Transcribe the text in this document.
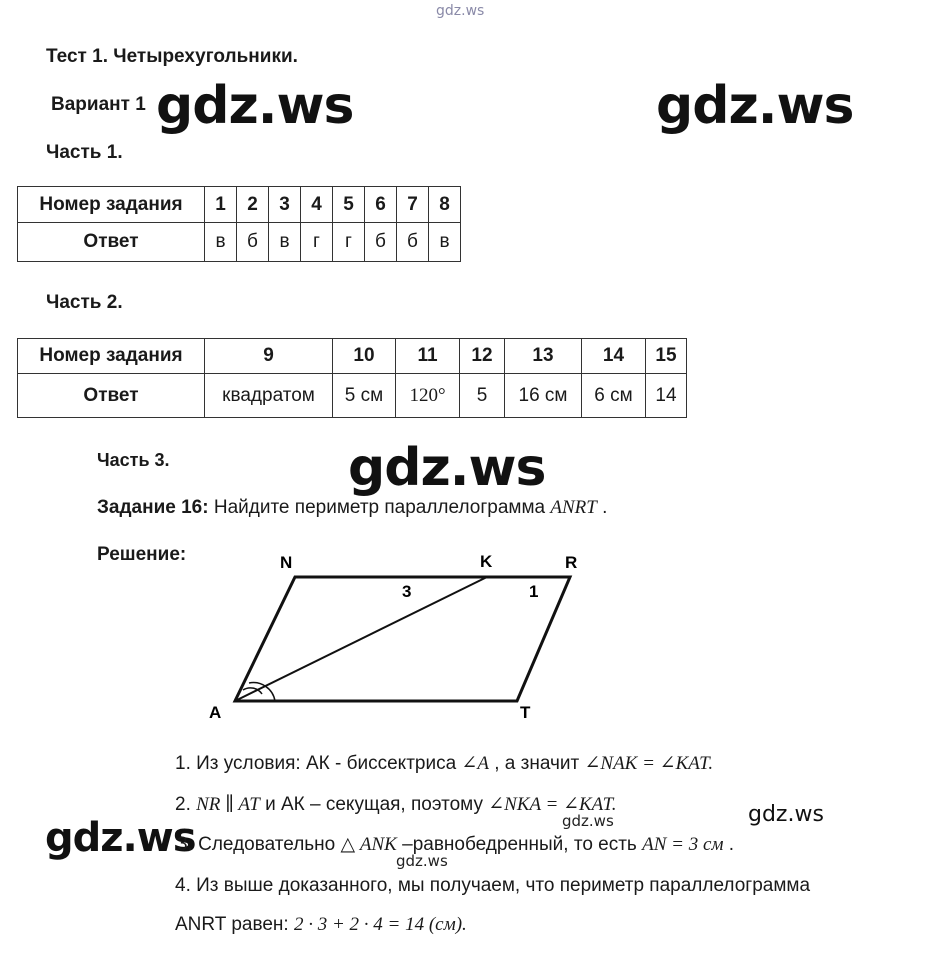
gdz.ws
Тест 1. Четырехугольники.
Вариант 1 gdz.ws	gdz.ws
Часть 1.
Номер задания	1	2	3	4	5	6	7	8
Ответ	в	б	в	г	г	б	б	в
Часть 2.
Номер задания	9	10	11	12	13	14	15
Ответ	квадратом	5 см	120°	5	16 см	6 см	14
Часть 3.	gdz.ws
Задание 16: Найдите периметр параллелограмма ANRT .
Решение:	N	K	R
A	T
3	1
1. Из условия: АК - биссектриса ∠A , а значит ∠NAK = ∠KAT.
2. NR ∥ AT и АК – секущая, поэтому ∠NKA = ∠KAT.	gdz.ws
gdz.ws
gdz.ws
3. Следовательно △ ANK –равнобедренный, то есть AN = 3 см .
gdz.ws
4. Из выше доказанного, мы получаем, что периметр параллелограмма
ANRT равен: 2 · 3 + 2 · 4 = 14 (см).
